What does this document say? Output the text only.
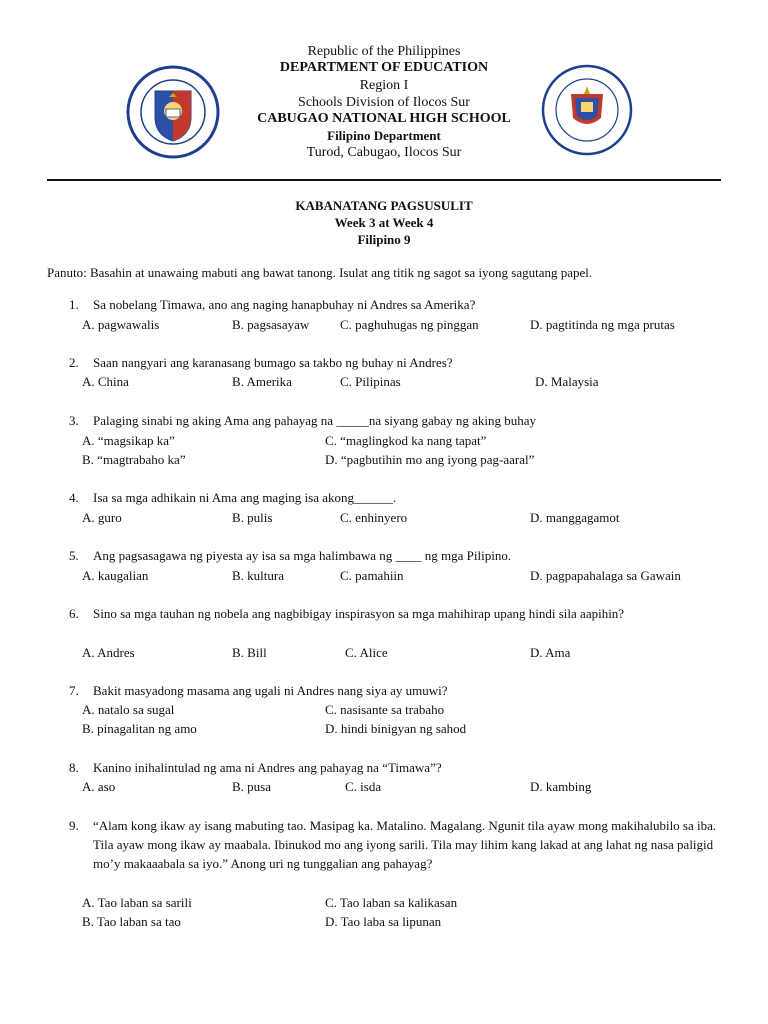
Republic of the Philippines
DEPARTMENT OF EDUCATION
Region I
Schools Division of Ilocos Sur
CABUGAO NATIONAL HIGH SCHOOL
Filipino Department
Turod, Cabugao, Ilocos Sur
KABANATANG PAGSUSULIT
Week 3 at Week 4
Filipino 9
Panuto: Basahin at unawaing mabuti ang bawat tanong. Isulat ang titik ng sagot sa iyong sagutang papel.
1. Sa nobelang Timawa, ano ang naging hanapbuhay ni Andres sa Amerika?
A. pagwawalis	B. pagsasayaw C. paghuhugas ng pinggan	D. pagtitinda ng mga prutas
2. Saan nangyari ang karanasang bumago sa takbo ng buhay ni Andres?
A. China	B. Amerika	C. Pilipinas	D. Malaysia
3. Palaging sinabi ng aking Ama ang pahayag na _____na siyang gabay ng aking buhay
A. “magsikap ka”	C. “maglingkod ka nang tapat”
B. “magtrabaho ka”	D. “pagbutihin mo ang iyong pag-aaral”
4. Isa sa mga adhikain ni Ama ang maging isa akong______.
A. guro	B. pulis	C. enhinyero	D. manggagamot
5. Ang pagsasagawa ng piyesta ay isa sa mga halimbawa ng ____ ng mga Pilipino.
A. kaugalian	B. kultura	C. pamahiin	D. pagpapahalaga sa Gawain
6. Sino sa mga tauhan ng nobela ang nagbibigay inspirasyon sa mga mahihirap upang hindi sila aapihin?
A. Andres	B. Bill	C. Alice	D. Ama
7. Bakit masyadong masama ang ugali ni Andres nang siya ay umuwi?
A. natalo sa sugal	C. nasisante sa trabaho
B. pinagalitan ng amo	D. hindi binigyan ng sahod
8. Kanino inihalintulad ng ama ni Andres ang pahayag na “Timawa”?
A. aso	B. pusa	C. isda	D. kambing
9. “Alam kong ikaw ay isang mabuting tao. Masipag ka. Matalino. Magalang. Ngunit tila ayaw mong makihalubilo sa iba. Tila ayaw mong ikaw ay maabala. Ibinukod mo ang iyong sarili. Tila may lihim kang lakad at ang lahat ng nasa paligid mo’y makaaabala sa iyo.” Anong uri ng tunggalian ang pahayag?
A. Tao laban sa sarili	C. Tao laban sa kalikasan
B. Tao laban sa tao	D. Tao laba sa lipunan
